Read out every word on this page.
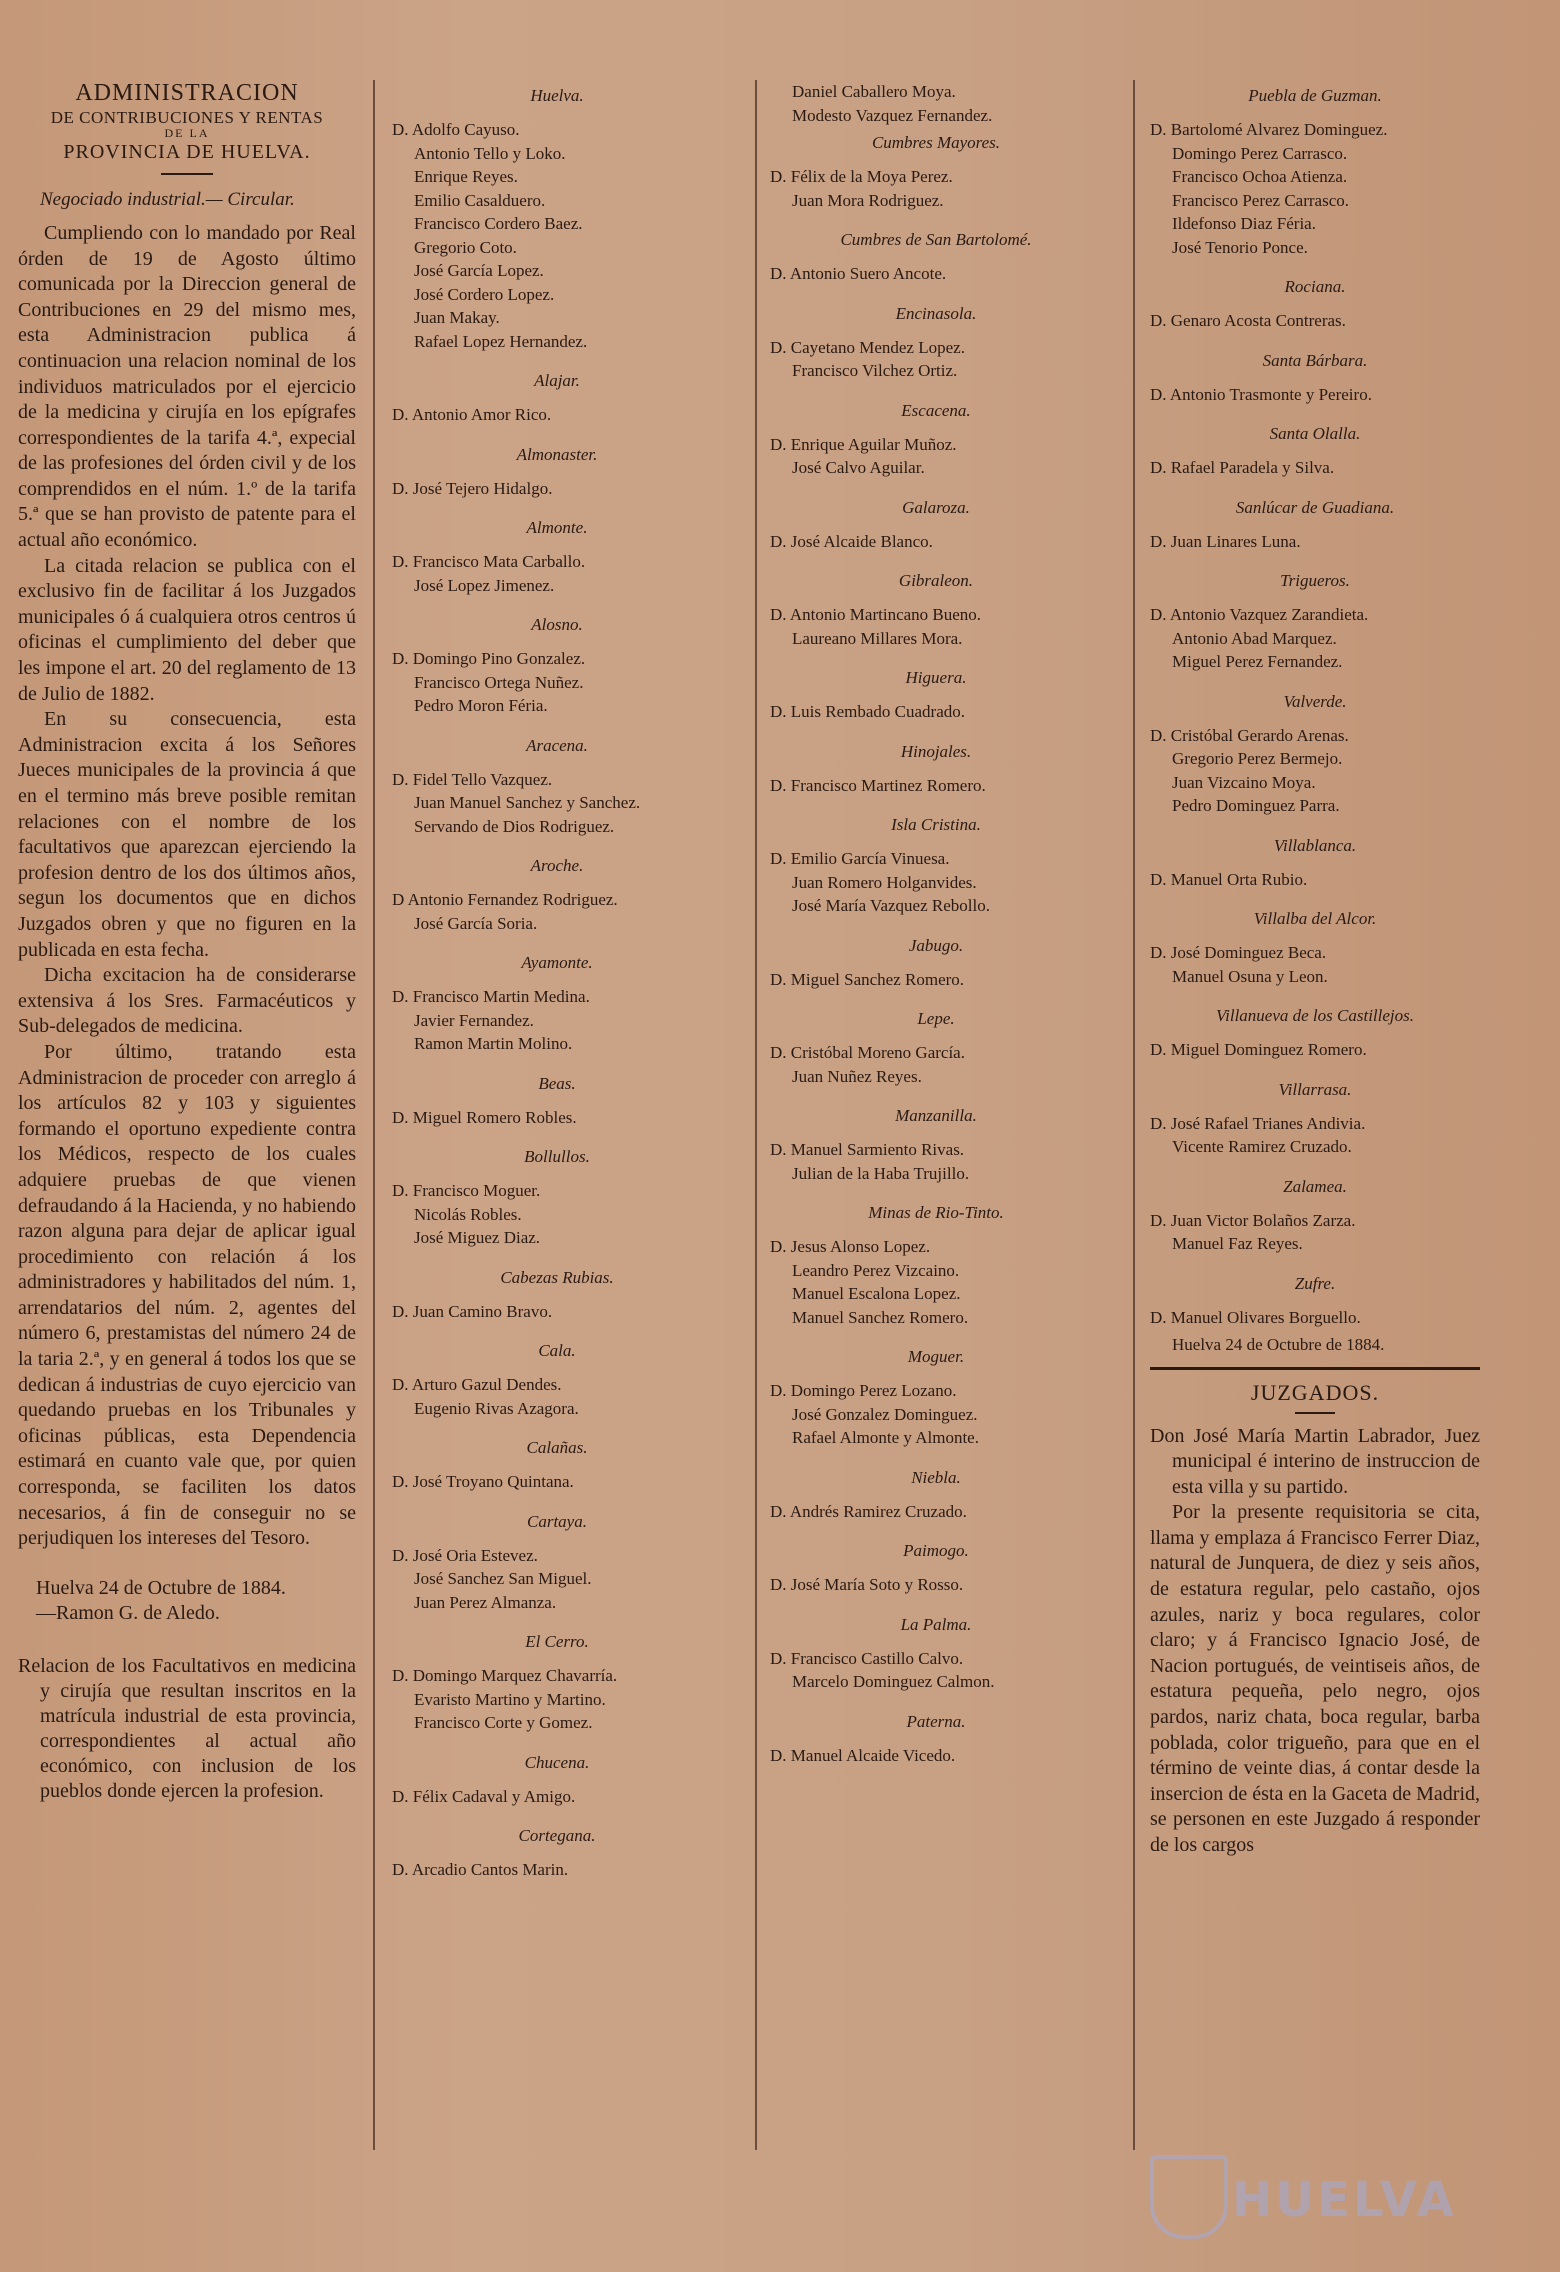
ADMINISTRACION
DE CONTRIBUCIONES Y RENTAS
DE LA
PROVINCIA DE HUELVA.
Negociado industrial.— Circular.

Cumpliendo con lo mandado por Real órden de 19 de Agosto último comunicada por la Direccion general de Contribuciones en 29 del mismo mes, esta Administracion publica á continuacion una relacion nominal de los individuos matriculados por el ejercicio de la medicina y cirujía en los epígrafes correspondientes de la tarifa 4.ª, expecial de las profesiones del órden civil y de los comprendidos en el núm. 1.º de la tarifa 5.ª que se han provisto de patente para el actual año económico.

La citada relacion se publica con el exclusivo fin de facilitar á los Juzgados municipales ó á cualquiera otros centros ú oficinas el cumplimiento del deber que les impone el art. 20 del reglamento de 13 de Julio de 1882.

En su consecuencia, esta Administracion excita á los Señores Jueces municipales de la provincia á que en el termino más breve posible remitan relaciones con el nombre de los facultativos que aparezcan ejerciendo la profesion dentro de los dos últimos años, segun los documentos que en dichos Juzgados obren y que no figuren en la publicada en esta fecha.

Dicha excitacion ha de considerarse extensiva á los Sres. Farmacéuticos y Sub-delegados de medicina.

Por último, tratando esta Administracion de proceder con arreglo á los artículos 82 y 103 y siguientes formando el oportuno expediente contra los Médicos, respecto de los cuales adquiere pruebas de que vienen defraudando á la Hacienda, y no habiendo razon alguna para dejar de aplicar igual procedimiento con relación á los administradores y habilitados del núm. 1, arrendatarios del núm. 2, agentes del número 6, prestamistas del número 24 de la taria 2.ª, y en general á todos los que se dedican á industrias de cuyo ejercicio van quedando pruebas en los Tribunales y oficinas públicas, esta Dependencia estimará en cuanto vale que, por quien corresponda, se faciliten los datos necesarios, á fin de conseguir no se perjudiquen los intereses del Tesoro.

Huelva 24 de Octubre de 1884.
—Ramon G. de Aledo.

Relacion de los Facultativos en medicina y cirujía que resultan inscritos en la matrícula industrial de esta provincia, correspondientes al actual año económico, con inclusion de los pueblos donde ejercen la profesion.

Huelva.
D. Adolfo Cayuso.
Antonio Tello y Loko.
Enrique Reyes.
Emilio Casalduero.
Francisco Cordero Baez.
Gregorio Coto.
José García Lopez.
José Cordero Lopez.
Juan Makay.
Rafael Lopez Hernandez.
Alajar.
D. Antonio Amor Rico.
Almonaster.
D. José Tejero Hidalgo.
Almonte.
D. Francisco Mata Carballo.
José Lopez Jimenez.
Alosno.
D. Domingo Pino Gonzalez.
Francisco Ortega Nuñez.
Pedro Moron Féria.
Aracena.
D. Fidel Tello Vazquez.
Juan Manuel Sanchez y Sanchez.
Servando de Dios Rodriguez.
Aroche.
D Antonio Fernandez Rodriguez.
José García Soria.
Ayamonte.
D. Francisco Martin Medina.
Javier Fernandez.
Ramon Martin Molino.
Beas.
D. Miguel Romero Robles.
Bollullos.
D. Francisco Moguer.
Nicolás Robles.
José Miguez Diaz.
Cabezas Rubias.
D. Juan Camino Bravo.
Cala.
D. Arturo Gazul Dendes.
Eugenio Rivas Azagora.
Calañas.
D. José Troyano Quintana.
Cartaya.
D. José Oria Estevez.
José Sanchez San Miguel.
Juan Perez Almanza.
El Cerro.
D. Domingo Marquez Chavarría.
Evaristo Martino y Martino.
Francisco Corte y Gomez.
Chucena.
D. Félix Cadaval y Amigo.
Cortegana.
D. Arcadio Cantos Marin.
Daniel Caballero Moya.
Modesto Vazquez Fernandez.
Cumbres Mayores.
D. Félix de la Moya Perez.
Juan Mora Rodriguez.
Cumbres de San Bartolomé.
D. Antonio Suero Ancote.
Encinasola.
D. Cayetano Mendez Lopez.
Francisco Vilchez Ortiz.
Escacena.
D. Enrique Aguilar Muñoz.
José Calvo Aguilar.
Galaroza.
D. José Alcaide Blanco.
Gibraleon.
D. Antonio Martincano Bueno.
Laureano Millares Mora.
Higuera.
D. Luis Rembado Cuadrado.
Hinojales.
D. Francisco Martinez Romero.
Isla Cristina.
D. Emilio García Vinuesa.
Juan Romero Holganvides.
José María Vazquez Rebollo.
Jabugo.
D. Miguel Sanchez Romero.
Lepe.
D. Cristóbal Moreno García.
Juan Nuñez Reyes.
Manzanilla.
D. Manuel Sarmiento Rivas.
Julian de la Haba Trujillo.
Minas de Rio-Tinto.
D. Jesus Alonso Lopez.
Leandro Perez Vizcaino.
Manuel Escalona Lopez.
Manuel Sanchez Romero.
Moguer.
D. Domingo Perez Lozano.
José Gonzalez Dominguez.
Rafael Almonte y Almonte.
Niebla.
D. Andrés Ramirez Cruzado.
Paimogo.
D. José María Soto y Rosso.
La Palma.
D. Francisco Castillo Calvo.
Marcelo Dominguez Calmon.
Paterna.
D. Manuel Alcaide Vicedo.
Puebla de Guzman.
D. Bartolomé Alvarez Dominguez.
Domingo Perez Carrasco.
Francisco Ochoa Atienza.
Francisco Perez Carrasco.
Ildefonso Diaz Féria.
José Tenorio Ponce.
Rociana.
D. Genaro Acosta Contreras.
Santa Bárbara.
D. Antonio Trasmonte y Pereiro.
Santa Olalla.
D. Rafael Paradela y Silva.
Sanlúcar de Guadiana.
D. Juan Linares Luna.
Trigueros.
D. Antonio Vazquez Zarandieta.
Antonio Abad Marquez.
Miguel Perez Fernandez.
Valverde.
D. Cristóbal Gerardo Arenas.
Gregorio Perez Bermejo.
Juan Vizcaino Moya.
Pedro Dominguez Parra.
Villablanca.
D. Manuel Orta Rubio.
Villalba del Alcor.
D. José Dominguez Beca.
Manuel Osuna y Leon.
Villanueva de los Castillejos.
D. Miguel Dominguez Romero.
Villarrasa.
D. José Rafael Trianes Andivia.
Vicente Ramirez Cruzado.
Zalamea.
D. Juan Victor Bolaños Zarza.
Manuel Faz Reyes.
Zufre.
D. Manuel Olivares Borguello.
Huelva 24 de Octubre de 1884.
JUZGADOS.

Don José María Martin Labrador, Juez municipal é interino de instruccion de esta villa y su partido.

Por la presente requisitoria se cita, llama y emplaza á Francisco Ferrer Diaz, natural de Junquera, de diez y seis años, de estatura regular, pelo castaño, ojos azules, nariz y boca regulares, color claro; y á Francisco Ignacio José, de Nacion portugués, de veintiseis años, de estatura pequeña, pelo negro, ojos pardos, nariz chata, boca regular, barba poblada, color trigueño, para que en el término de veinte dias, á contar desde la insercion de ésta en la Gaceta de Madrid, se personen en este Juzgado á responder de los cargos

HUELVA
